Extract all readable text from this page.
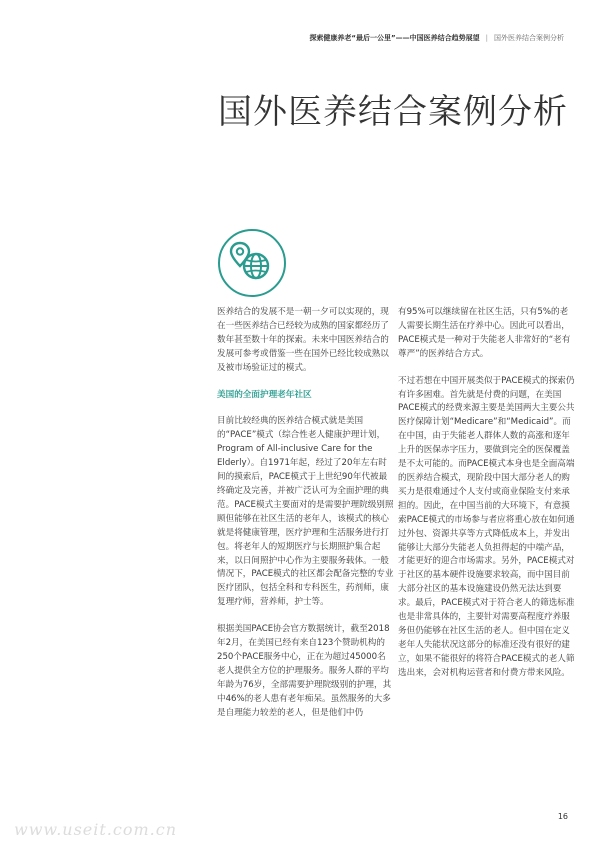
探索健康养老“最后一公里”——中国医养结合趋势展望 | 国外医养结合案例分析
国外医养结合案例分析

医养结合的发展不是一朝一夕可以实现的，现在一些医养结合已经较为成熟的国家都经历了数年甚至数十年的探索。未来中国医养结合的发展可参考或借鉴一些在国外已经比较成熟以及被市场验证过的模式。

美国的全面护理老年社区

目前比较经典的医养结合模式就是美国的“PACE”模式（综合性老人健康护理计划，Program of All-inclusive Care for the Elderly）。自1971年起，经过了20年左右时间的摸索后，PACE模式于上世纪90年代被最终确定及完善，并被广泛认可为全面护理的典范。PACE模式主要面对的是需要护理院级别照顾但能够在社区生活的老年人，该模式的核心就是将健康管理，医疗护理和生活服务进行打包。将老年人的短期医疗与长期照护集合起来，以日间照护中心作为主要服务载体。一般情况下，PACE模式的社区都会配备完整的专业医疗团队，包括全科和专科医生，药剂师，康复理疗师，营养师，护士等。

根据美国PACE协会官方数据统计，截至2018年2月，在美国已经有来自123个赞助机构的250个PACE服务中心，正在为超过45000名老人提供全方位的护理服务。服务人群的平均年龄为76岁，全部需要护理院级别的护理，其中46%的老人患有老年痴呆。虽然服务的大多是自理能力较差的老人，但是他们中仍

有95%可以继续留在社区生活，只有5%的老人需要长期生活在疗养中心。因此可以看出，PACE模式是一种对于失能老人非常好的“老有尊严”的医养结合方式。

不过若想在中国开展类似于PACE模式的探索仍有许多困难。首先就是付费的问题，在美国PACE模式的经费来源主要是美国两大主要公共医疗保障计划“Medicare”和“Medicaid”。而在中国，由于失能老人群体人数的高涨和逐年上升的医保赤字压力，要做到完全的医保覆盖是不太可能的。而PACE模式本身也是全面高端的医养结合模式，现阶段中国大部分老人的购买力是很难通过个人支付或商业保险支付来承担的。因此，在中国当前的大环境下，有意摸索PACE模式的市场参与者应将重心放在如何通过外包、资源共享等方式降低成本上，并发出能够让大部分失能老人负担得起的中端产品，才能更好的迎合市场需求。另外，PACE模式对于社区的基本硬件设施要求较高，而中国目前大部分社区的基本设施建设仍然无法达到要求。最后，PACE模式对于符合老人的筛选标准也是非常具体的，主要针对需要高程度疗养服务但仍能够在社区生活的老人。但中国在定义老年人失能状况这部分的标准还没有很好的建立，如果不能很好的将符合PACE模式的老人筛选出来，会对机构运营者和付费方带来风险。

16
www.useit.com.cn
